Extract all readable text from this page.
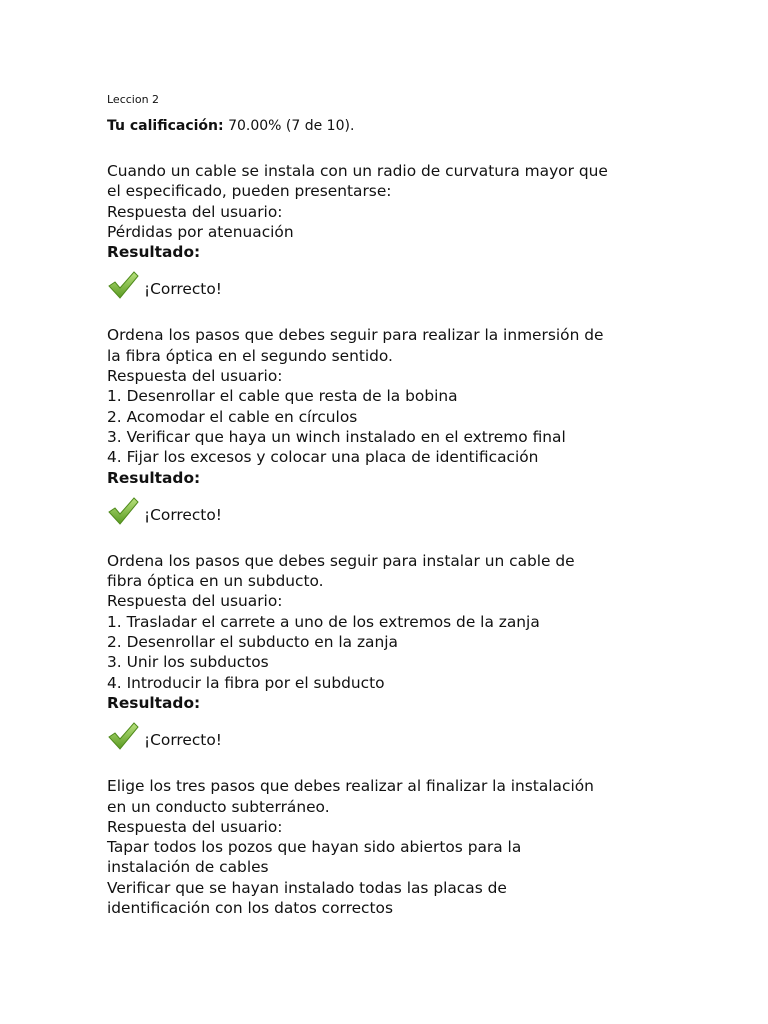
Leccion 2
Tu calificación: 70.00% (7 de 10).
Cuando un cable se instala con un radio de curvatura mayor que
el especificado, pueden presentarse:
Respuesta del usuario:
Pérdidas por atenuación
Resultado:
¡Correcto!
Ordena los pasos que debes seguir para realizar la inmersión de
la fibra óptica en el segundo sentido.
Respuesta del usuario:
1. Desenrollar el cable que resta de la bobina
2. Acomodar el cable en círculos
3. Verificar que haya un winch instalado en el extremo final
4. Fijar los excesos y colocar una placa de identificación
Resultado:
¡Correcto!
Ordena los pasos que debes seguir para instalar un cable de
fibra óptica en un subducto.
Respuesta del usuario:
1. Trasladar el carrete a uno de los extremos de la zanja
2. Desenrollar el subducto en la zanja
3. Unir los subductos
4. Introducir la fibra por el subducto
Resultado:
¡Correcto!
Elige los tres pasos que debes realizar al finalizar la instalación
en un conducto subterráneo.
Respuesta del usuario:
Tapar todos los pozos que hayan sido abiertos para la
instalación de cables
Verificar que se hayan instalado todas las placas de
identificación con los datos correctos
